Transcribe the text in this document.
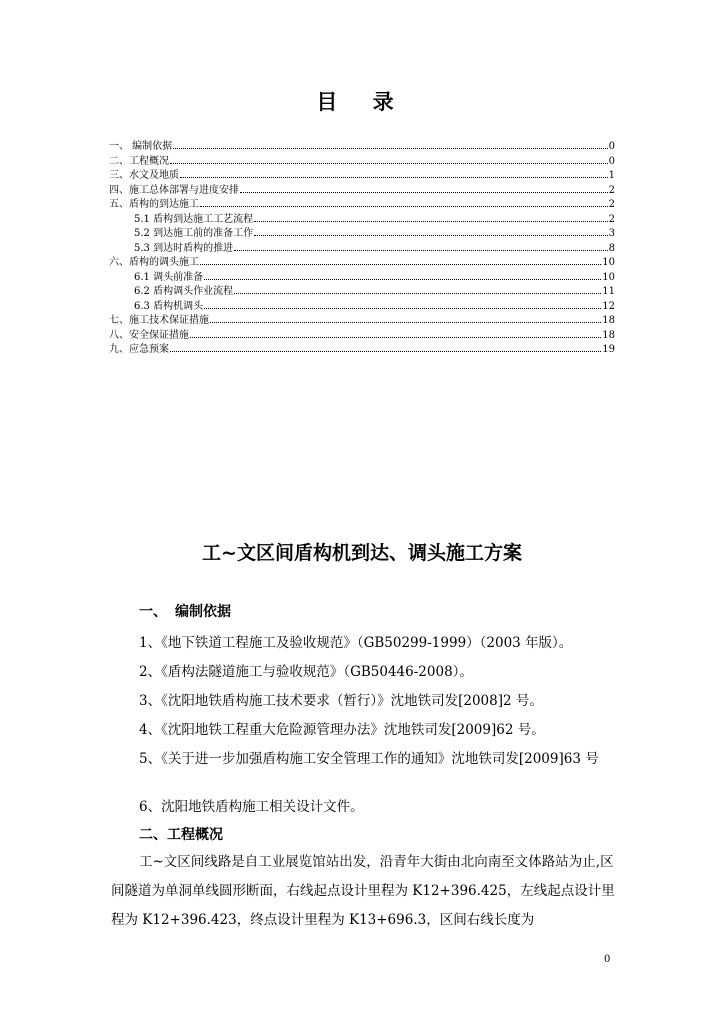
目 录
一、 编制依据	0
二、工程概况	0
三、水文及地质	1
四、施工总体部署与进度安排	2
五、盾构的到达施工	2
5.1 盾构到达施工工艺流程	2
5.2 到达施工前的准备工作	3
5.3 到达时盾构的推进	8
六、盾构的调头施工	10
6.1 调头前准备	10
6.2 盾构调头作业流程	11
6.3 盾构机调头	12
七、施工技术保证措施	18
八、安全保证措施	18
九、应急预案	19
工~文区间盾构机到达、调头施工方案
一、 编制依据
1、《地下铁道工程施工及验收规范》（GB50299-1999）（2003 年版）。
2、《盾构法隧道施工与验收规范》（GB50446-2008）。
3、《沈阳地铁盾构施工技术要求（暂行）》沈地铁司发[2008]2 号。
4、《沈阳地铁工程重大危险源管理办法》沈地铁司发[2009]62 号。
5、《关于进一步加强盾构施工安全管理工作的通知》沈地铁司发[2009]63 号
6、沈阳地铁盾构施工相关设计文件。
二、工程概况
工~文区间线路是自工业展览馆站出发，沿青年大街由北向南至文体路站为止,区间隧道为单洞单线圆形断面，右线起点设计里程为 K12+396.425，左线起点设计里程为 K12+396.423，终点设计里程为 K13+696.3，区间右线长度为
0
